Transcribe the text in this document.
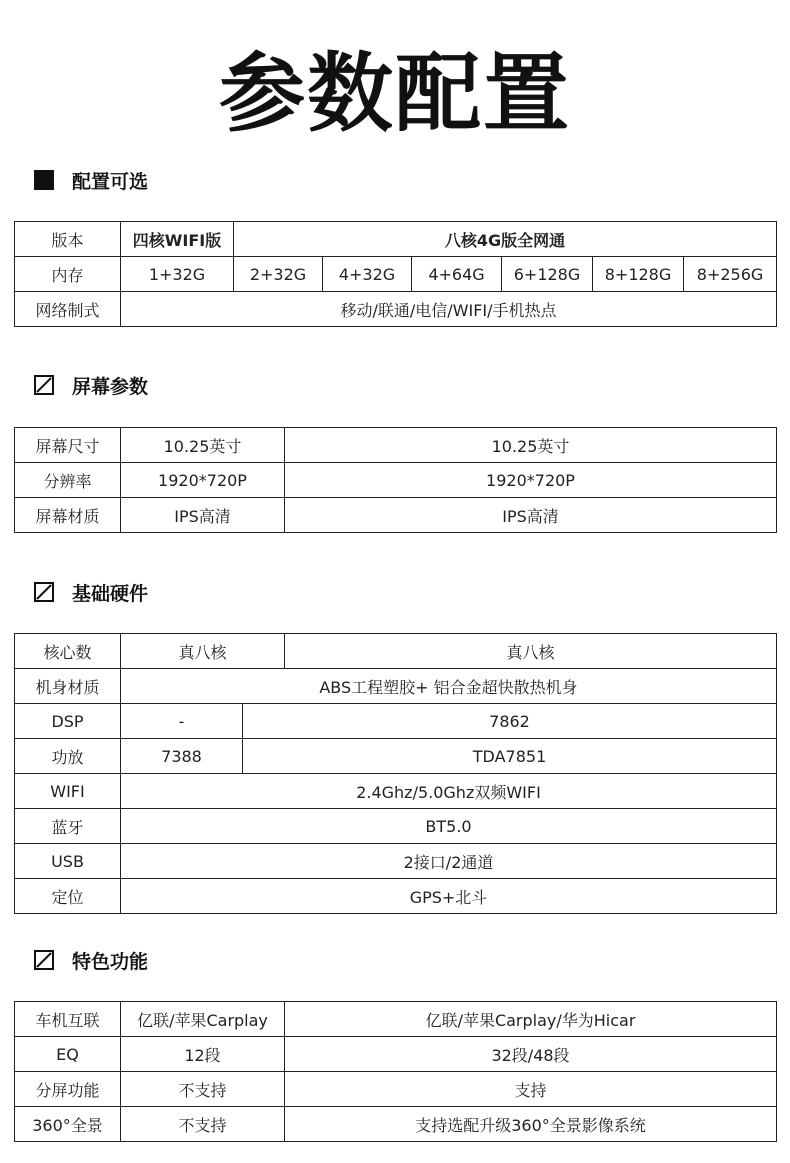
参数配置
配置可选
版本	四核WIFI版	八核4G版全网通					
内存	1+32G	2+32G	4+32G	4+64G	6+128G	8+128G	8+256G
网络制式	移动/联通/电信/WIFI/手机热点						
屏幕参数
屏幕尺寸	10.25英寸	10.25英寸
分辨率	1920*720P	1920*720P
屏幕材质	IPS高清	IPS高清
基础硬件
核心数	真八核		真八核
机身材质	ABS工程塑胶+ 铝合金超快散热机身		
DSP	-	7862	
功放	7388	TDA7851	
WIFI	2.4Ghz/5.0Ghz双频WIFI		
蓝牙	BT5.0		
USB	2接口/2通道		
定位	GPS+北斗		
特色功能
车机互联	亿联/苹果Carplay	亿联/苹果Carplay/华为Hicar
EQ	12段	32段/48段
分屏功能	不支持	支持
360°全景	不支持	支持选配升级360°全景影像系统
